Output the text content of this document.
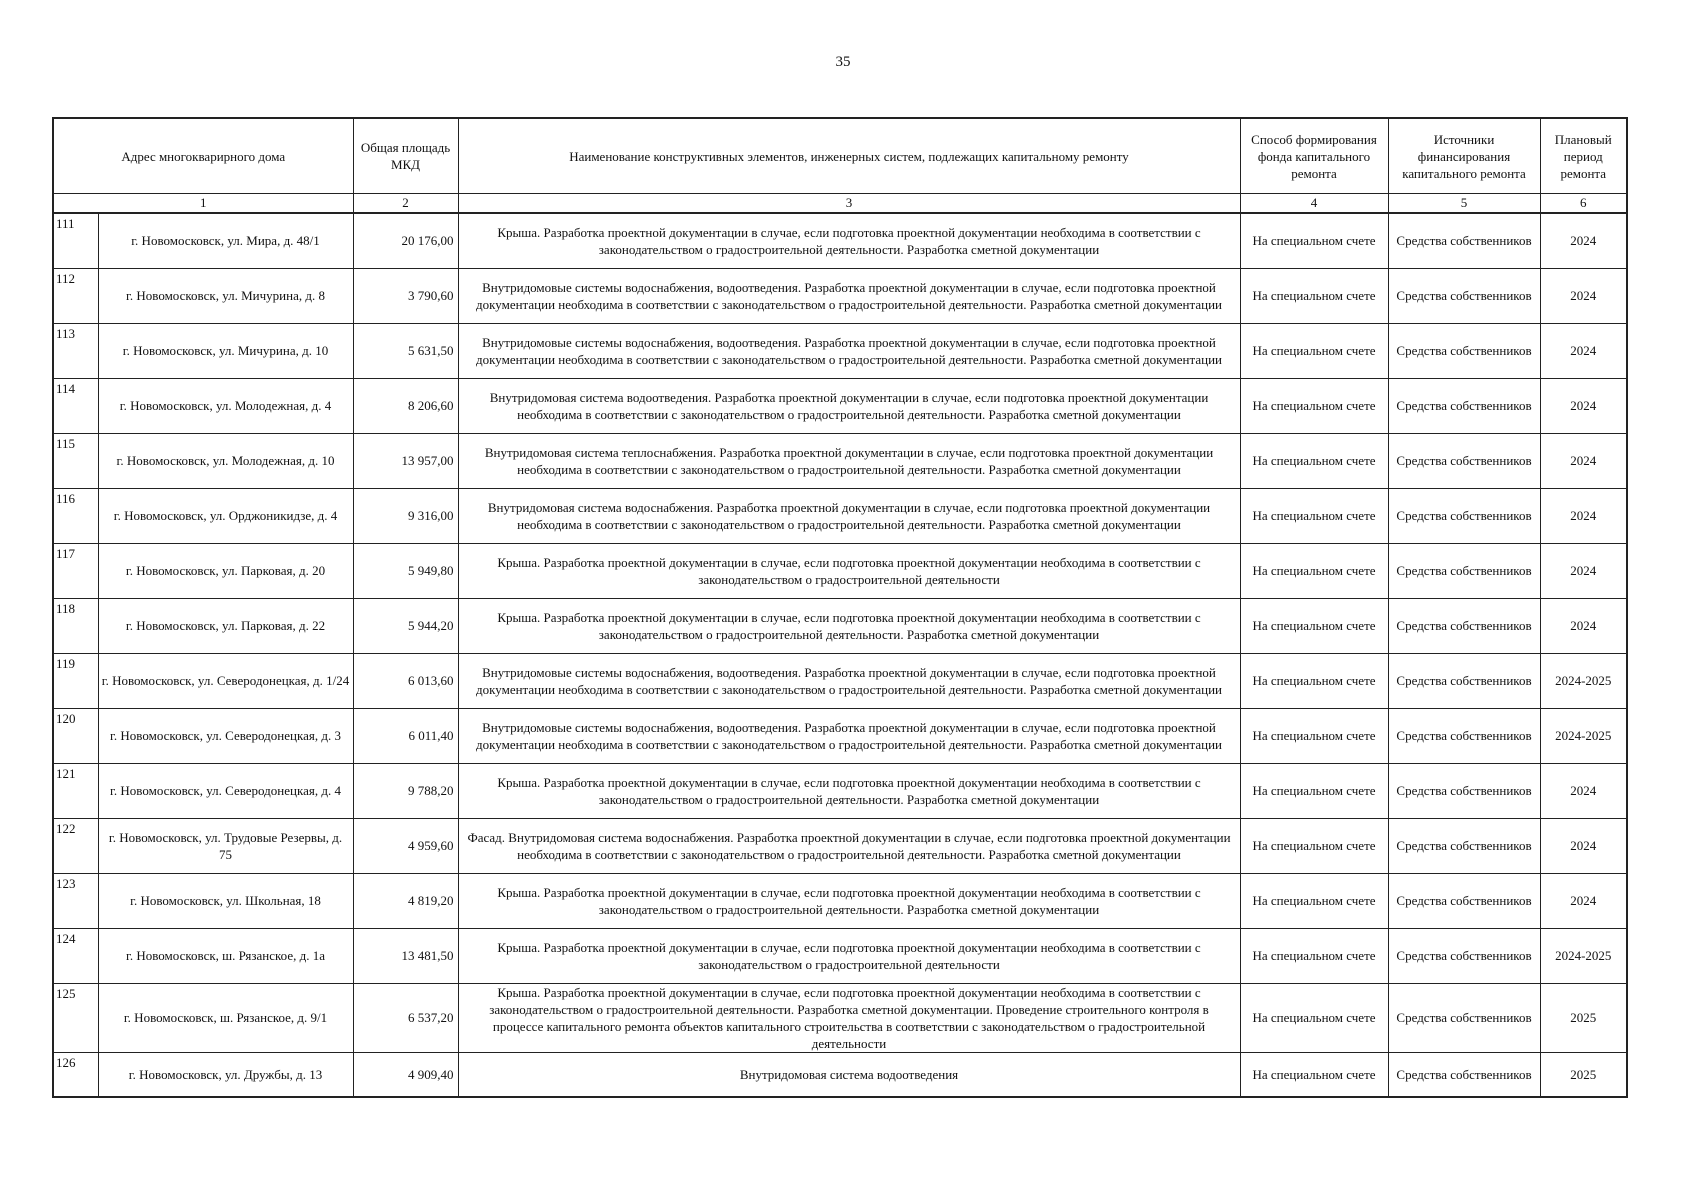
35
Адрес многокварирного дома		Общая площадь МКД	Наименование конструктивных элементов, инженерных систем, подлежащих капитальному ремонту	Способ формирования фонда капитального ремонта	Источники финансирования капитального ремонта	Плановый период ремонта
1		2	3	4	5	6
111	г. Новомосковск, ул. Мира, д. 48/1	20 176,00	Крыша. Разработка проектной документации в случае, если подготовка проектной документации необходима в соответствии с законодательством о градостроительной деятельности. Разработка сметной документации	На специальном счете	Средства собственников	2024
112	г. Новомосковск, ул. Мичурина, д. 8	3 790,60	Внутридомовые системы водоснабжения, водоотведения. Разработка проектной документации в случае, если подготовка проектной документации необходима в соответствии с законодательством о градостроительной деятельности. Разработка сметной документации	На специальном счете	Средства собственников	2024
113	г. Новомосковск, ул. Мичурина, д. 10	5 631,50	Внутридомовые системы водоснабжения, водоотведения. Разработка проектной документации в случае, если подготовка проектной документации необходима в соответствии с законодательством о градостроительной деятельности. Разработка сметной документации	На специальном счете	Средства собственников	2024
114	г. Новомосковск, ул. Молодежная, д. 4	8 206,60	Внутридомовая система водоотведения. Разработка проектной документации в случае, если подготовка проектной документации необходима в соответствии с законодательством о градостроительной деятельности. Разработка сметной документации	На специальном счете	Средства собственников	2024
115	г. Новомосковск, ул. Молодежная, д. 10	13 957,00	Внутридомовая система теплоснабжения. Разработка проектной документации в случае, если подготовка проектной документации необходима в соответствии с законодательством о градостроительной деятельности. Разработка сметной документации	На специальном счете	Средства собственников	2024
116	г. Новомосковск, ул. Орджоникидзе, д. 4	9 316,00	Внутридомовая система водоснабжения. Разработка проектной документации в случае, если подготовка проектной документации необходима в соответствии с законодательством о градостроительной деятельности. Разработка сметной документации	На специальном счете	Средства собственников	2024
117	г. Новомосковск, ул. Парковая, д. 20	5 949,80	Крыша. Разработка проектной документации в случае, если подготовка проектной документации необходима в соответствии с законодательством о градостроительной деятельности	На специальном счете	Средства собственников	2024
118	г. Новомосковск, ул. Парковая, д. 22	5 944,20	Крыша. Разработка проектной документации в случае, если подготовка проектной документации необходима в соответствии с законодательством о градостроительной деятельности. Разработка сметной документации	На специальном счете	Средства собственников	2024
119	г. Новомосковск, ул. Северодонецкая, д. 1/24	6 013,60	Внутридомовые системы водоснабжения, водоотведения. Разработка проектной документации в случае, если подготовка проектной документации необходима в соответствии с законодательством о градостроительной деятельности. Разработка сметной документации	На специальном счете	Средства собственников	2024-2025
120	г. Новомосковск, ул. Северодонецкая, д. 3	6 011,40	Внутридомовые системы водоснабжения, водоотведения. Разработка проектной документации в случае, если подготовка проектной документации необходима в соответствии с законодательством о градостроительной деятельности. Разработка сметной документации	На специальном счете	Средства собственников	2024-2025
121	г. Новомосковск, ул. Северодонецкая, д. 4	9 788,20	Крыша. Разработка проектной документации в случае, если подготовка проектной документации необходима в соответствии с законодательством о градостроительной деятельности. Разработка сметной документации	На специальном счете	Средства собственников	2024
122	г. Новомосковск, ул. Трудовые Резервы, д. 75	4 959,60	Фасад. Внутридомовая система водоснабжения. Разработка проектной документации в случае, если подготовка проектной документации необходима в соответствии с законодательством о градостроительной деятельности. Разработка сметной документации	На специальном счете	Средства собственников	2024
123	г. Новомосковск, ул. Школьная, 18	4 819,20	Крыша. Разработка проектной документации в случае, если подготовка проектной документации необходима в соответствии с законодательством о градостроительной деятельности. Разработка сметной документации	На специальном счете	Средства собственников	2024
124	г. Новомосковск, ш. Рязанское, д. 1а	13 481,50	Крыша. Разработка проектной документации в случае, если подготовка проектной документации необходима в соответствии с законодательством о градостроительной деятельности	На специальном счете	Средства собственников	2024-2025
125	г. Новомосковск, ш. Рязанское, д. 9/1	6 537,20	Крыша. Разработка проектной документации в случае, если подготовка проектной документации необходима в соответствии с законодательством о градостроительной деятельности. Разработка сметной документации. Проведение строительного контроля в процессе капитального ремонта объектов капитального строительства в соответствии с законодательством о градостроительной деятельности	На специальном счете	Средства собственников	2025
126	г. Новомосковск, ул. Дружбы, д. 13	4 909,40	Внутридомовая система водоотведения	На специальном счете	Средства собственников	2025
